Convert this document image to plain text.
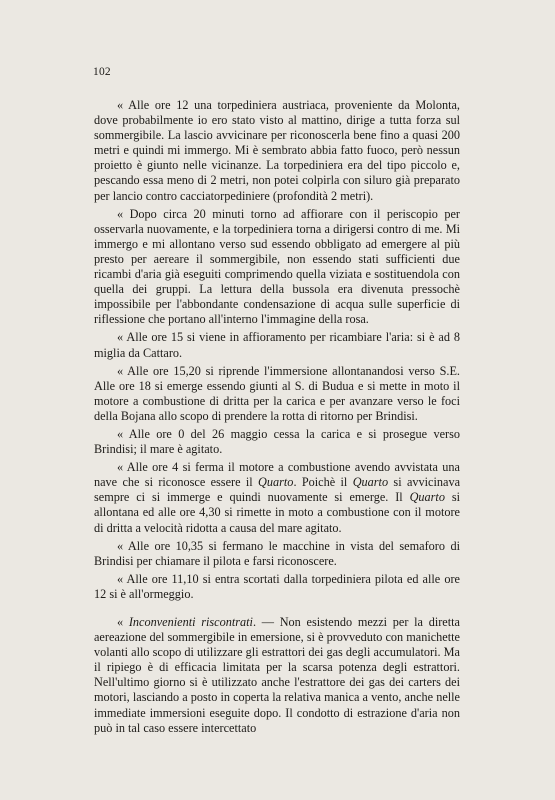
102

« Alle ore 12 una torpediniera austriaca, proveniente da Molonta, dove probabilmente io ero stato visto al mattino, dirige a tutta forza sul sommergibile. La lascio avvicinare per riconoscerla bene fino a quasi 200 metri e quindi mi immergo. Mi è sembrato abbia fatto fuoco, però nessun proietto è giunto nelle vicinanze. La torpediniera era del tipo piccolo e, pescando essa meno di 2 metri, non potei colpirla con siluro già preparato per lancio contro cacciatorpediniere (profondità 2 metri).

« Dopo circa 20 minuti torno ad affiorare con il periscopio per osservarla nuovamente, e la torpediniera torna a dirigersi contro di me. Mi immergo e mi allontano verso sud essendo obbligato ad emergere al più presto per aereare il sommergibile, non essendo stati sufficienti due ricambi d'aria già eseguiti comprimendo quella viziata e sostituendola con quella dei gruppi. La lettura della bussola era divenuta pressochè impossibile per l'abbondante condensazione di acqua sulle superficie di riflessione che portano all'interno l'immagine della rosa.

« Alle ore 15 si viene in affioramento per ricambiare l'aria: si è ad 8 miglia da Cattaro.

« Alle ore 15,20 si riprende l'immersione allontanandosi verso S.E. Alle ore 18 si emerge essendo giunti al S. di Budua e si mette in moto il motore a combustione di dritta per la carica e per avanzare verso le foci della Bojana allo scopo di prendere la rotta di ritorno per Brindisi.

« Alle ore 0 del 26 maggio cessa la carica e si prosegue verso Brindisi; il mare è agitato.

« Alle ore 4 si ferma il motore a combustione avendo avvistata una nave che si riconosce essere il Quarto. Poichè il Quarto si avvicinava sempre ci si immerge e quindi nuovamente si emerge. Il Quarto si allontana ed alle ore 4,30 si rimette in moto a combustione con il motore di dritta a velocità ridotta a causa del mare agitato.

« Alle ore 10,35 si fermano le macchine in vista del semaforo di Brindisi per chiamare il pilota e farsi riconoscere.

« Alle ore 11,10 si entra scortati dalla torpediniera pilota ed alle ore 12 si è all'ormeggio.

« Inconvenienti riscontrati. — Non esistendo mezzi per la diretta aereazione del sommergibile in emersione, si è provveduto con manichette volanti allo scopo di utilizzare gli estrattori dei gas degli accumulatori. Ma il ripiego è di efficacia limitata per la scarsa potenza degli estrattori. Nell'ultimo giorno si è utilizzato anche l'estrattore dei gas dei carters dei motori, lasciando a posto in coperta la relativa manica a vento, anche nelle immediate immersioni eseguite dopo. Il condotto di estrazione d'aria non può in tal caso essere intercettato
